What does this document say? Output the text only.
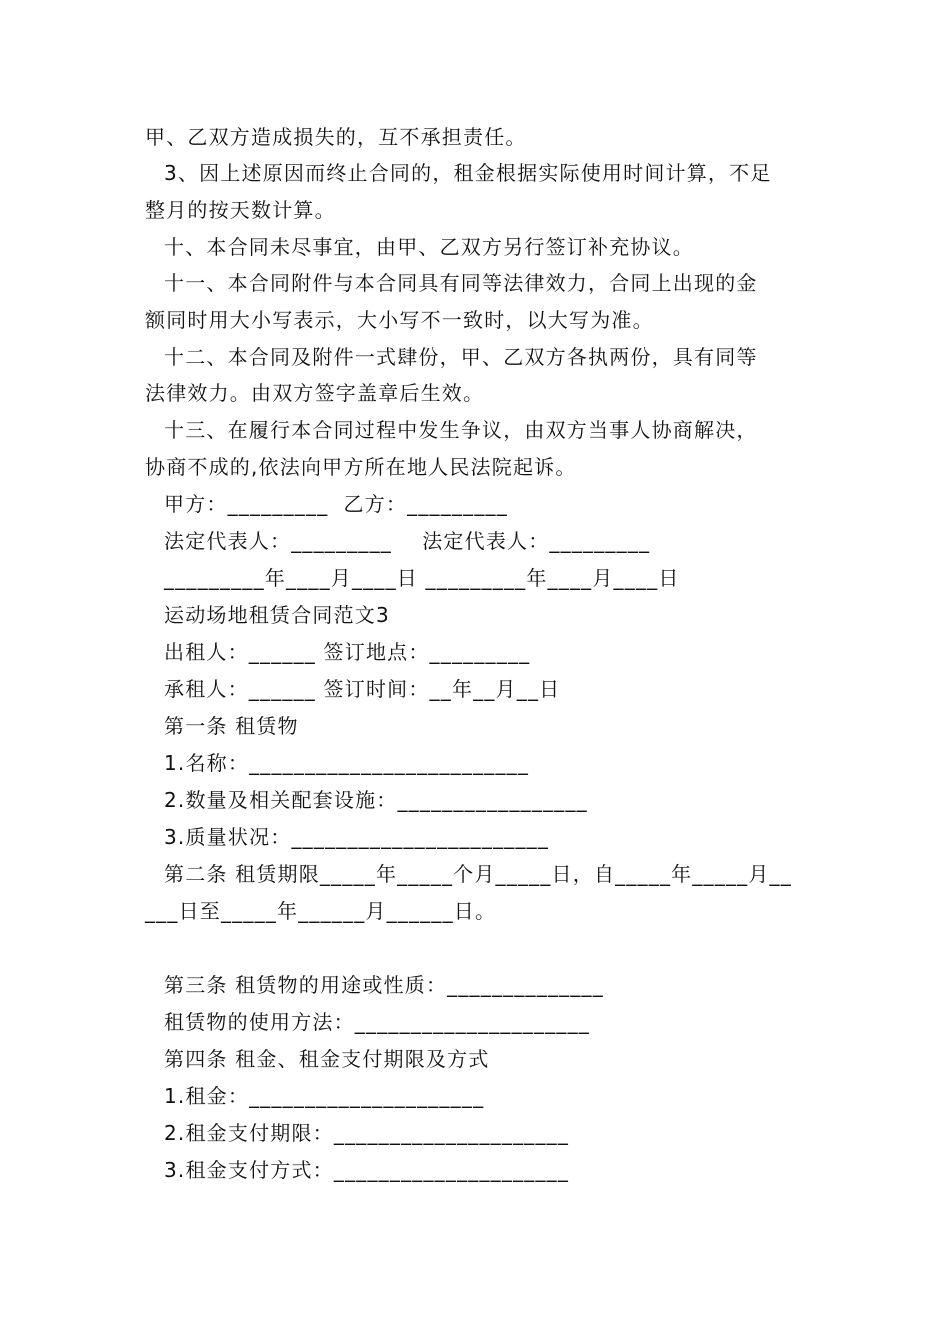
甲、乙双方造成损失的，互不承担责任。

3、因上述原因而终止合同的，租金根据实际使用时间计算，不足

整月的按天数计算。

十、本合同未尽事宜，由甲、乙双方另行签订补充协议。

十一、本合同附件与本合同具有同等法律效力，合同上出现的金

额同时用大小写表示，大小写不一致时，以大写为准。

十二、本合同及附件一式肆份，甲、乙双方各执两份，具有同等

法律效力。由双方签字盖章后生效。

十三、在履行本合同过程中发生争议，由双方当事人协商解决，

协商不成的,依法向甲方所在地人民法院起诉。

甲方：_________  乙方：_________

法定代表人：_________    法定代表人：_________

_________年____月____日 _________年____月____日

运动场地租赁合同范文3

出租人：______ 签订地点：_________

承租人：______ 签订时间：__年__月__日

第一条 租赁物

1.名称：_________________________

2.数量及相关配套设施：_________________

3.质量状况：_______________________

第二条 租赁期限_____年_____个月_____日，自_____年_____月__

___日至_____年______月______日。

第三条 租赁物的用途或性质：______________

租赁物的使用方法：_____________________

第四条 租金、租金支付期限及方式

1.租金：_____________________

2.租金支付期限：_____________________

3.租金支付方式：_____________________
